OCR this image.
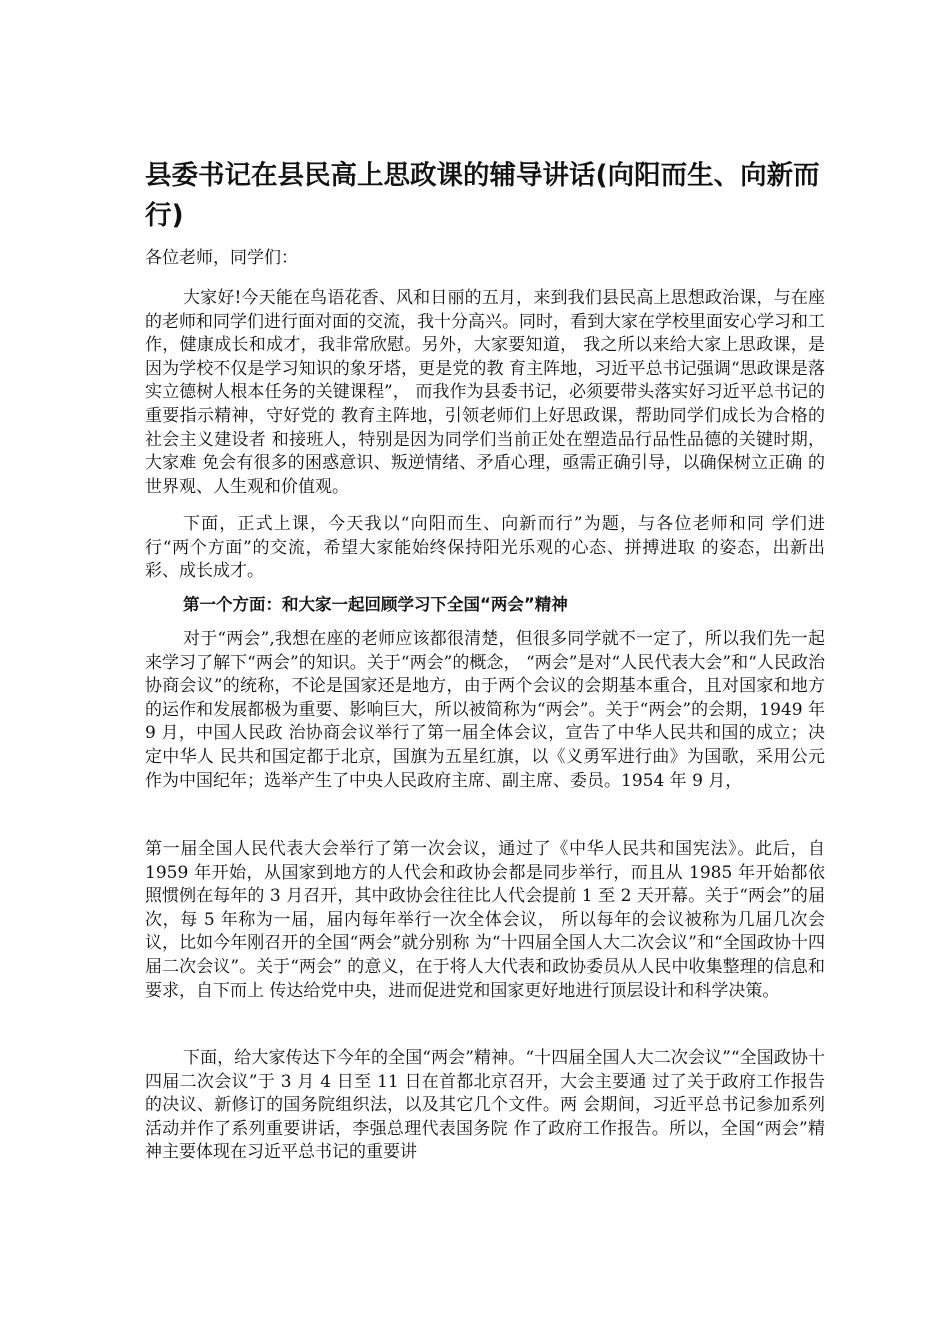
县委书记在县民高上思政课的辅导讲话(向阳而生、向新而行)
各位老师，同学们：

大家好!今天能在鸟语花香、风和日丽的五月，来到我们县民高上思想政治课，与在座的老师和同学们进行面对面的交流，我十分高兴。同时，看到大家在学校里面安心学习和工作，健康成长和成才，我非常欣慰。另外，大家要知道， 我之所以来给大家上思政课，是因为学校不仅是学习知识的象牙塔，更是党的教 育主阵地，习近平总书记强调“思政课是落实立德树人根本任务的关键课程”， 而我作为县委书记，必须要带头落实好习近平总书记的重要指示精神，守好党的 教育主阵地，引领老师们上好思政课，帮助同学们成长为合格的社会主义建设者 和接班人，特别是因为同学们当前正处在塑造品行品性品德的关键时期，大家难 免会有很多的困惑意识、叛逆情绪、矛盾心理，亟需正确引导，以确保树立正确 的世界观、人生观和价值观。

下面，正式上课，今天我以“向阳而生、向新而行”为题，与各位老师和同 学们进行“两个方面”的交流，希望大家能始终保持阳光乐观的心态、拼搏进取 的姿态，出新出彩、成长成才。

第一个方面：和大家一起回顾学习下全国“两会”精神

对于“两会”,我想在座的老师应该都很清楚，但很多同学就不一定了，所以我们先一起来学习了解下“两会”的知识。关于“两会”的概念， “两会”是对“人民代表大会”和“人民政治协商会议”的统称，不论是国家还是地方，由于两个会议的会期基本重合，且对国家和地方的运作和发展都极为重要、影响巨大，所以被简称为“两会”。关于“两会”的会期，1949 年 9 月，中国人民政 治协商会议举行了第一届全体会议，宣告了中华人民共和国的成立；决定中华人 民共和国定都于北京，国旗为五星红旗，以《义勇军进行曲》为国歌，采用公元 作为中国纪年；选举产生了中央人民政府主席、副主席、委员。1954 年 9 月，

第一届全国人民代表大会举行了第一次会议，通过了《中华人民共和国宪法》。此后，自 1959 年开始，从国家到地方的人代会和政协会都是同步举行，而且从 1985 年开始都依照惯例在每年的 3 月召开，其中政协会往往比人代会提前 1 至 2 天开幕。关于“两会”的届次，每 5 年称为一届，届内每年举行一次全体会议， 所以每年的会议被称为几届几次会议，比如今年刚召开的全国“两会”就分别称 为“十四届全国人大二次会议”和“全国政协十四届二次会议”。关于“两会” 的意义，在于将人大代表和政协委员从人民中收集整理的信息和要求，自下而上 传达给党中央，进而促进党和国家更好地进行顶层设计和科学决策。

下面，给大家传达下今年的全国“两会”精神。“十四届全国人大二次会议”“全国政协十四届二次会议”于 3 月 4 日至 11 日在首都北京召开，大会主要通 过了关于政府工作报告的决议、新修订的国务院组织法，以及其它几个文件。两 会期间，习近平总书记参加系列活动并作了系列重要讲话，李强总理代表国务院 作了政府工作报告。所以，全国“两会”精神主要体现在习近平总书记的重要讲
